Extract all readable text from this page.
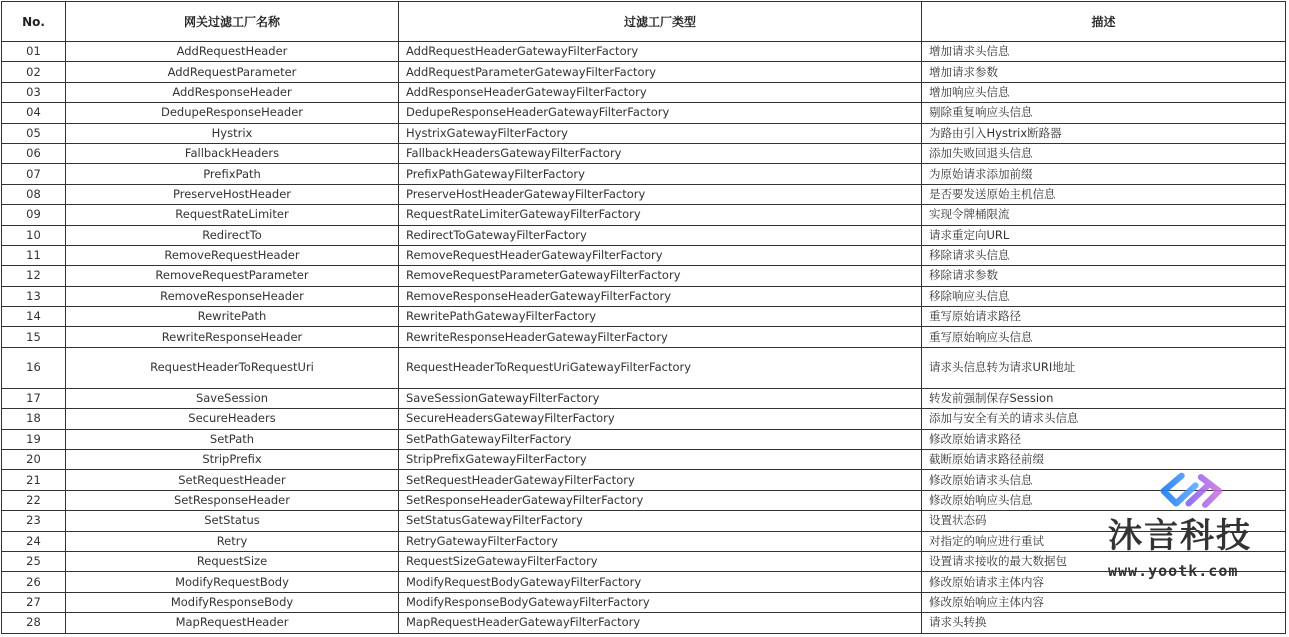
No.	网关过滤工厂名称	过滤工厂类型	描述
01	AddRequestHeader	AddRequestHeaderGatewayFilterFactory	增加请求头信息
02	AddRequestParameter	AddRequestParameterGatewayFilterFactory	增加请求参数
03	AddResponseHeader	AddResponseHeaderGatewayFilterFactory	增加响应头信息
04	DedupeResponseHeader	DedupeResponseHeaderGatewayFilterFactory	剔除重复响应头信息
05	Hystrix	HystrixGatewayFilterFactory	为路由引入Hystrix断路器
06	FallbackHeaders	FallbackHeadersGatewayFilterFactory	添加失败回退头信息
07	PrefixPath	PrefixPathGatewayFilterFactory	为原始请求添加前缀
08	PreserveHostHeader	PreserveHostHeaderGatewayFilterFactory	是否要发送原始主机信息
09	RequestRateLimiter	RequestRateLimiterGatewayFilterFactory	实现令牌桶限流
10	RedirectTo	RedirectToGatewayFilterFactory	请求重定向URL
11	RemoveRequestHeader	RemoveRequestHeaderGatewayFilterFactory	移除请求头信息
12	RemoveRequestParameter	RemoveRequestParameterGatewayFilterFactory	移除请求参数
13	RemoveResponseHeader	RemoveResponseHeaderGatewayFilterFactory	移除响应头信息
14	RewritePath	RewritePathGatewayFilterFactory	重写原始请求路径
15	RewriteResponseHeader	RewriteResponseHeaderGatewayFilterFactory	重写原始响应头信息
16	RequestHeaderToRequestUri	RequestHeaderToRequestUriGatewayFilterFactory	请求头信息转为请求URI地址
17	SaveSession	SaveSessionGatewayFilterFactory	转发前强制保存Session
18	SecureHeaders	SecureHeadersGatewayFilterFactory	添加与安全有关的请求头信息
19	SetPath	SetPathGatewayFilterFactory	修改原始请求路径
20	StripPrefix	StripPrefixGatewayFilterFactory	截断原始请求路径前缀
21	SetRequestHeader	SetRequestHeaderGatewayFilterFactory	修改原始请求头信息
22	SetResponseHeader	SetResponseHeaderGatewayFilterFactory	修改原始响应头信息
23	SetStatus	SetStatusGatewayFilterFactory	设置状态码
24	Retry	RetryGatewayFilterFactory	对指定的响应进行重试
25	RequestSize	RequestSizeGatewayFilterFactory	设置请求接收的最大数据包
26	ModifyRequestBody	ModifyRequestBodyGatewayFilterFactory	修改原始请求主体内容
27	ModifyResponseBody	ModifyResponseBodyGatewayFilterFactory	修改原始响应主体内容
28	MapRequestHeader	MapRequestHeaderGatewayFilterFactory	请求头转换
沐言科技
www.yootk.com
